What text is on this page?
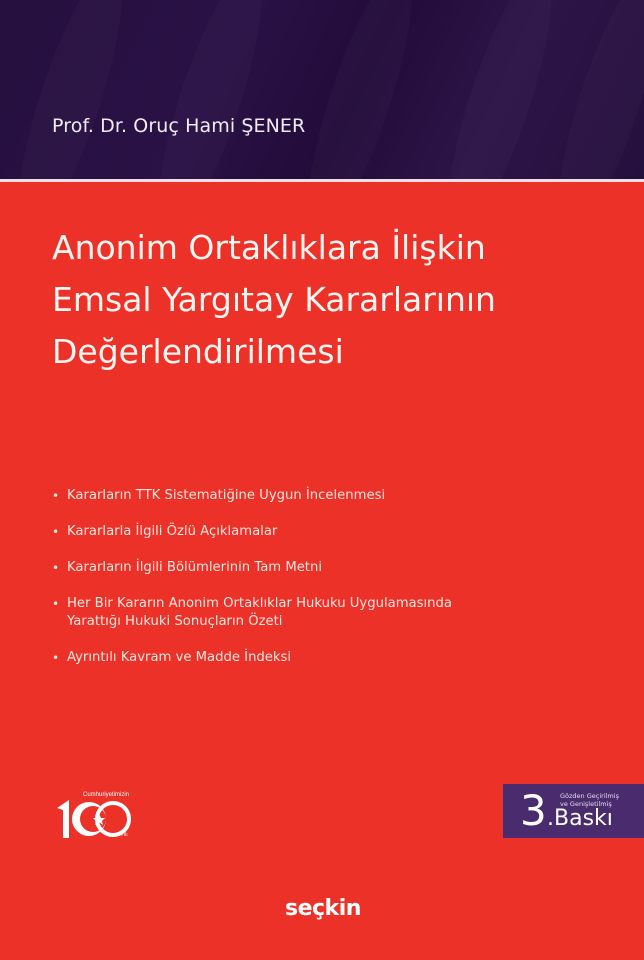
Prof. Dr. Oruç Hami ŞENER
Anonim Ortaklıklara İlişkin
Emsal Yargıtay Kararlarının
Değerlendirilmesi
• Kararların TTK Sistematiğine Uygun İncelenmesi
• Kararlarla İlgili Özlü Açıklamalar
• Kararların İlgili Bölümlerinin Tam Metni
• Her Bir Kararın Anonim Ortaklıklar Hukuku Uygulamasında
Yarattığı Hukuki Sonuçların Özeti
• Ayrıntılı Kavram ve Madde İndeksi
Cumhuriyetimizin
.Yılı	3 Gözden Geçirilmiş
ve Genişletilmiş
.Baskı
seçkin
